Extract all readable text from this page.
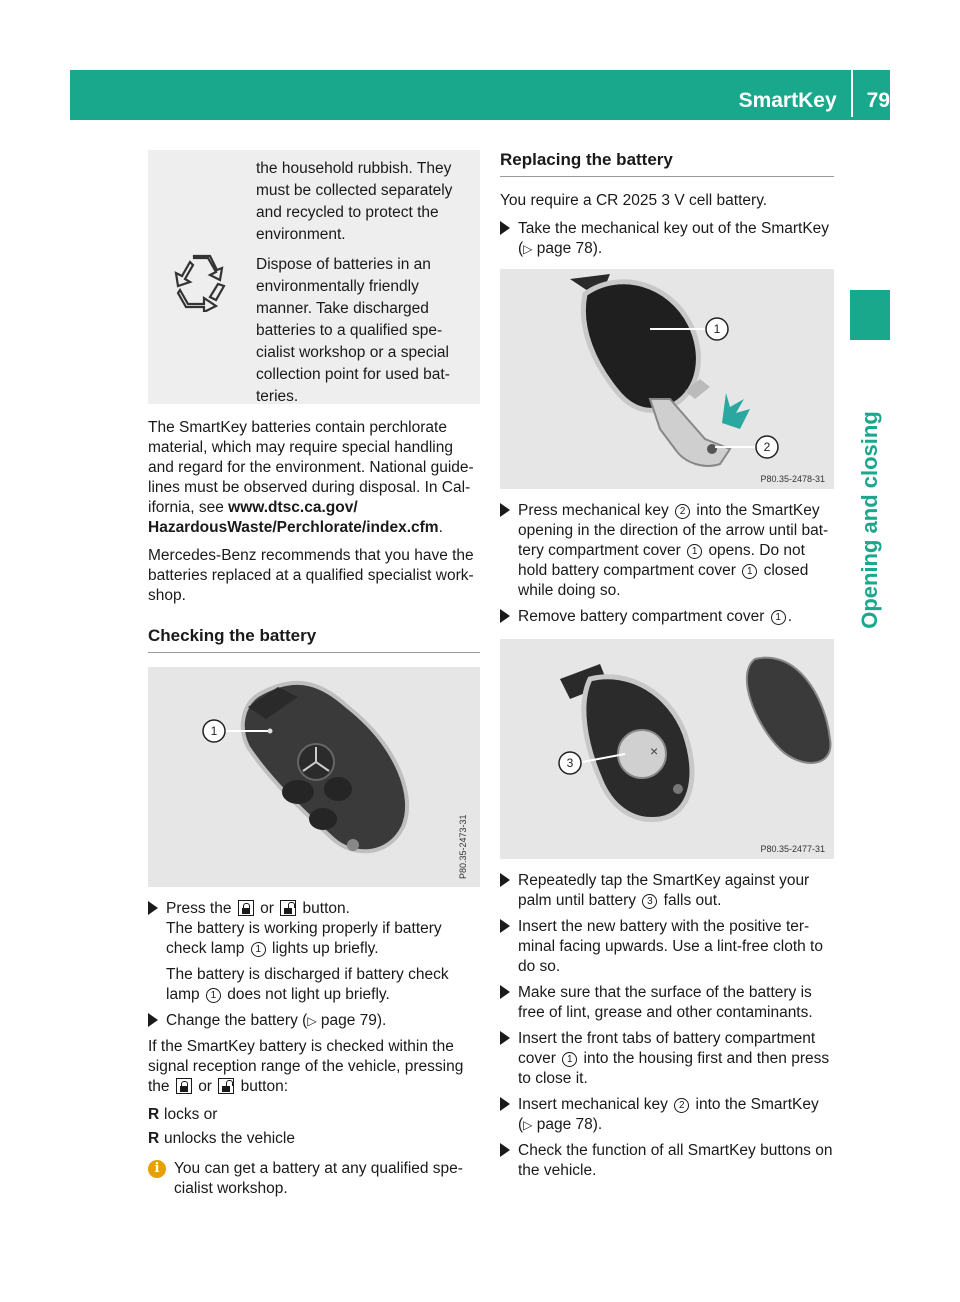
SmartKey 79
Opening and closing

the household rubbish. They must be collected separately and recycled to protect the environment.

Dispose of batteries in an environmentally friendly manner. Take discharged batteries to a qualified spe-cialist workshop or a special collection point for used bat-teries.

The SmartKey batteries contain perchlorate material, which may require special handling and regard for the environment. National guide-lines must be observed during disposal. In Cal-ifornia, see www.dtsc.ca.gov/ HazardousWaste/Perchlorate/index.cfm.

Mercedes-Benz recommends that you have the batteries replaced at a qualified specialist work-shop.

Checking the battery
1
P80.35-2473-31
Press the or button.
The battery is working properly if battery check lamp 1 lights up briefly.
The battery is discharged if battery check lamp 1 does not light up briefly.
Change the battery (▷ page 79).

If the SmartKey battery is checked within the signal reception range of the vehicle, pressing the or button:

R locks or
R unlocks the vehicle
i You can get a battery at any qualified spe-cialist workshop.
Replacing the battery

You require a CR 2025 3 V cell battery.

Take the mechanical key out of the SmartKey (▷ page 78).
1
2
P80.35-2478-31
Press mechanical key 2 into the SmartKey opening in the direction of the arrow until bat-tery compartment cover 1 opens. Do not hold battery compartment cover 1 closed while doing so.
Remove battery compartment cover 1 .
×
3
P80.35-2477-31
Repeatedly tap the SmartKey against your palm until battery 3 falls out.
Insert the new battery with the positive ter-minal facing upwards. Use a lint-free cloth to do so.
Make sure that the surface of the battery is free of lint, grease and other contaminants.
Insert the front tabs of battery compartment cover 1 into the housing first and then press to close it.
Insert mechanical key 2 into the SmartKey (▷ page 78).
Check the function of all SmartKey buttons on the vehicle.
